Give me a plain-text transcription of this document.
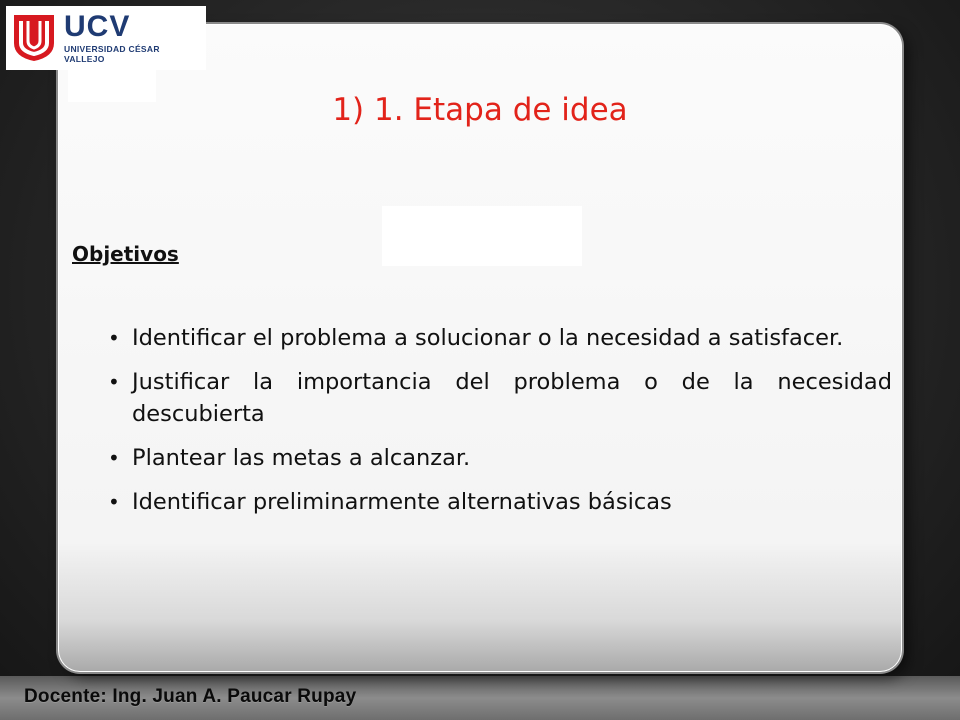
UCV
UNIVERSIDAD CÉSAR VALLEJO
1) 1. Etapa de idea
Objetivos
• Identificar el problema a solucionar o la necesidad a satisfacer.
• Justificar la importancia del problema o de la necesidad descubierta
• Plantear las metas a alcanzar.
• Identificar preliminarmente alternativas básicas
Docente: Ing. Juan A. Paucar Rupay
